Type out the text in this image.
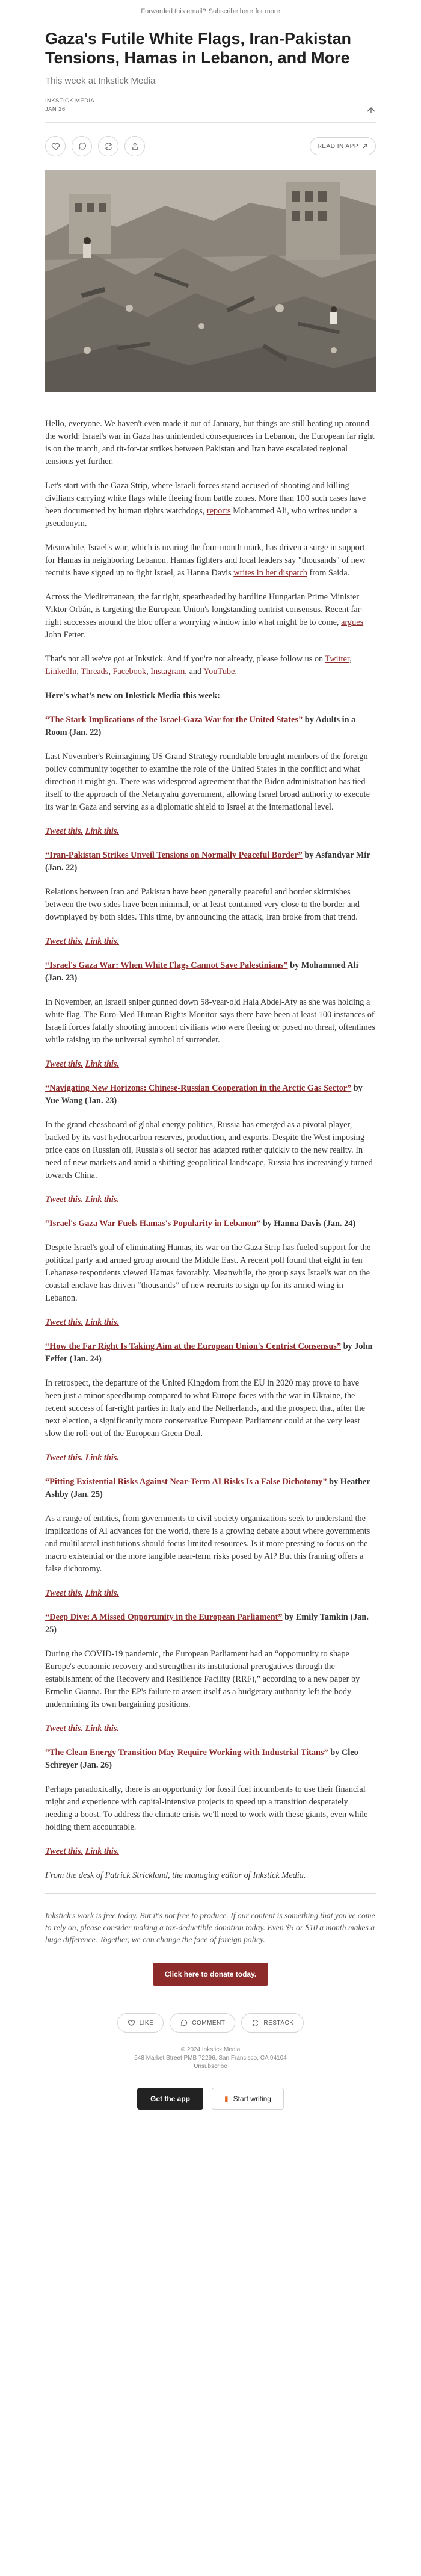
Forwarded this email? Subscribe here for more
Gaza's Futile White Flags, Iran-Pakistan Tensions, Hamas in Lebanon, and More
This week at Inkstick Media
INKSTICK MEDIA
JAN 26
READ IN APP

Hello, everyone. We haven't even made it out of January, but things are still heating up around the world: Israel's war in Gaza has unintended consequences in Lebanon, the European far right is on the march, and tit-for-tat strikes between Pakistan and Iran have escalated regional tensions yet further.

Let's start with the Gaza Strip, where Israeli forces stand accused of shooting and killing civilians carrying white flags while fleeing from battle zones. More than 100 such cases have been documented by human rights watchdogs, reports Mohammed Ali, who writes under a pseudonym.

Meanwhile, Israel's war, which is nearing the four-month mark, has driven a surge in support for Hamas in neighboring Lebanon. Hamas fighters and local leaders say "thousands" of new recruits have signed up to fight Israel, as Hanna Davis writes in her dispatch from Saida.

Across the Mediterranean, the far right, spearheaded by hardline Hungarian Prime Minister Viktor Orbán, is targeting the European Union's longstanding centrist consensus. Recent far-right successes around the bloc offer a worrying window into what might be to come, argues John Fetter.

That's not all we've got at Inkstick. And if you're not already, please follow us on Twitter, LinkedIn, Threads, Facebook, Instagram, and YouTube.

Here's what's new on Inkstick Media this week:

“The Stark Implications of the Israel-Gaza War for the United States” by Adults in a Room (Jan. 22)

Last November's Reimagining US Grand Strategy roundtable brought members of the foreign policy community together to examine the role of the United States in the conflict and what direction it might go. There was widespread agreement that the Biden administration has tied itself to the approach of the Netanyahu government, allowing Israel broad authority to execute its war in Gaza and serving as a diplomatic shield to Israel at the international level.

Tweet this. Link this.

“Iran-Pakistan Strikes Unveil Tensions on Normally Peaceful Border” by Asfandyar Mir (Jan. 22)

Relations between Iran and Pakistan have been generally peaceful and border skirmishes between the two sides have been minimal, or at least contained very close to the border and downplayed by both sides. This time, by announcing the attack, Iran broke from that trend.

Tweet this. Link this.

“Israel's Gaza War: When White Flags Cannot Save Palestinians” by Mohammed Ali (Jan. 23)

In November, an Israeli sniper gunned down 58-year-old Hala Abdel-Aty as she was holding a white flag. The Euro-Med Human Rights Monitor says there have been at least 100 instances of Israeli forces fatally shooting innocent civilians who were fleeing or posed no threat, oftentimes while raising up the universal symbol of surrender.

Tweet this. Link this.

“Navigating New Horizons: Chinese-Russian Cooperation in the Arctic Gas Sector” by Yue Wang (Jan. 23)

In the grand chessboard of global energy politics, Russia has emerged as a pivotal player, backed by its vast hydrocarbon reserves, production, and exports. Despite the West imposing price caps on Russian oil, Russia's oil sector has adapted rather quickly to the new reality. In need of new markets and amid a shifting geopolitical landscape, Russia has increasingly turned towards China.

Tweet this. Link this.

“Israel's Gaza War Fuels Hamas's Popularity in Lebanon” by Hanna Davis (Jan. 24)

Despite Israel's goal of eliminating Hamas, its war on the Gaza Strip has fueled support for the political party and armed group around the Middle East. A recent poll found that eight in ten Lebanese respondents viewed Hamas favorably. Meanwhile, the group says Israel's war on the coastal enclave has driven “thousands” of new recruits to sign up for its armed wing in Lebanon.

Tweet this. Link this.

“How the Far Right Is Taking Aim at the European Union's Centrist Consensus” by John Feffer (Jan. 24)

In retrospect, the departure of the United Kingdom from the EU in 2020 may prove to have been just a minor speedbump compared to what Europe faces with the war in Ukraine, the recent success of far-right parties in Italy and the Netherlands, and the prospect that, after the next election, a significantly more conservative European Parliament could at the very least slow the roll-out of the European Green Deal.

Tweet this. Link this.

“Pitting Existential Risks Against Near-Term AI Risks Is a False Dichotomy” by Heather Ashby (Jan. 25)

As a range of entities, from governments to civil society organizations seek to understand the implications of AI advances for the world, there is a growing debate about where governments and multilateral institutions should focus limited resources. Is it more pressing to focus on the macro existential or the more tangible near-term risks posed by AI? But this framing offers a false dichotomy.

Tweet this. Link this.

“Deep Dive: A Missed Opportunity in the European Parliament” by Emily Tamkin (Jan. 25)

During the COVID-19 pandemic, the European Parliament had an “opportunity to shape Europe's economic recovery and strengthen its institutional prerogatives through the establishment of the Recovery and Resilience Facility (RRF),” according to a new paper by Ermelin Gianna. But the EP's failure to assert itself as a budgetary authority left the body undermining its own bargaining positions.

Tweet this. Link this.

“The Clean Energy Transition May Require Working with Industrial Titans” by Cleo Schreyer (Jan. 26)

Perhaps paradoxically, there is an opportunity for fossil fuel incumbents to use their financial might and experience with capital-intensive projects to speed up a transition desperately needing a boost. To address the climate crisis we'll need to work with these giants, even while holding them accountable.

Tweet this. Link this.

From the desk of Patrick Strickland, the managing editor of Inkstick Media.

Inkstick's work is free today. But it's not free to produce. If our content is something that you've come to rely on, please consider making a tax-deductible donation today. Even $5 or $10 a month makes a huge difference. Together, we can change the face of foreign policy.

Click here to donate today.
LIKE	COMMENT	RESTACK
© 2024 Inkstick Media
548 Market Street PMB 72296, San Francisco, CA 94104
Unsubscribe
Get the app	▮ Start writing
